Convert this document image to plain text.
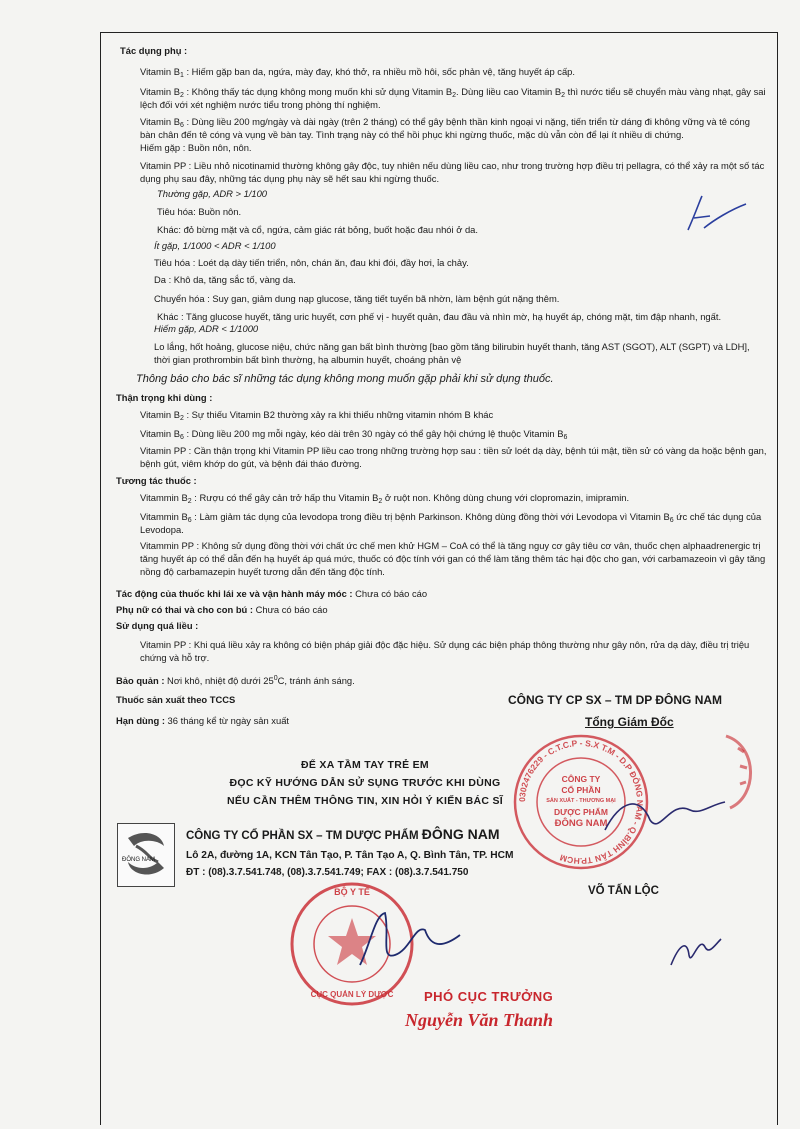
Tác dụng phụ :
Vitamin $B_1$ : Hiếm gặp ban da, ngứa, mày đay, khó thở, ra nhiều mồ hôi, sốc phản vệ, tăng huyết áp cấp.
Vitamin $B_2$ : Không thấy tác dụng không mong muốn khi sử dụng Vitamin $B_2$. Dùng liều cao Vitamin $B_2$ thì nước tiểu sẽ chuyển màu vàng nhạt, gây sai lệch đối với xét nghiệm nước tiểu trong phòng thí nghiệm.
Vitamin $B_6$ : Dùng liều 200 mg/ngày và dài ngày (trên 2 tháng) có thể gây bệnh thần kinh ngoại vi nặng, tiến triển từ dáng đi không vững và tê cóng bàn chân đến tê cóng và vụng về bàn tay. Tình trạng này có thể hồi phục khi ngừng thuốc, mặc dù vẫn còn để lại ít nhiều di chứng.
Hiếm gặp : Buồn nôn, nôn.
Vitamin PP : Liều nhỏ nicotinamid thường không gây độc, tuy nhiên nếu dùng liều cao, như trong trường hợp điều trị pellagra, có thể xảy ra một số tác dụng phụ sau đây, những tác dụng phụ này sẽ hết sau khi ngừng thuốc.
Thường gặp, ADR > 1/100
Tiêu hóa: Buồn nôn.
Khác: đỏ bừng mặt và cổ, ngứa, cảm giác rát bỏng, buốt hoặc đau nhói ở da.
Ít gặp, 1/1000 < ADR < 1/100
Tiêu hóa : Loét dạ dày tiến triển, nôn, chán ăn, đau khi đói, đầy hơi, ỉa chảy.
Da : Khô da, tăng sắc tố, vàng da.
Chuyển hóa : Suy gan, giảm dung nạp glucose, tăng tiết tuyến bã nhờn, làm bệnh gút nặng thêm.
Khác : Tăng glucose huyết, tăng uric huyết, cơn phế vị - huyết quản, đau đầu và nhìn mờ, hạ huyết áp, chóng mặt, tim đập nhanh, ngất.
Hiếm gặp, ADR < 1/1000
Lo lắng, hốt hoảng, glucose niệu, chức năng gan bất bình thường [bao gồm tăng bilirubin huyết thanh, tăng AST (SGOT), ALT (SGPT) và LDH], thời gian prothrombin bất bình thường, hạ albumin huyết, choáng phản vệ
Thông báo cho bác sĩ những tác dụng không mong muốn gặp phải khi sử dụng thuốc.
Thận trọng khi dùng :
Vitamin $B_2$ : Sự thiếu Vitamin B2 thường xảy ra khi thiếu những vitamin nhóm B khác
Vitamin $B_6$ : Dùng liều 200 mg mỗi ngày, kéo dài trên 30 ngày có thể gây hội chứng lệ thuộc Vitamin $B_6$
Vitamin PP : Cần thận trọng khi Vitamin PP liều cao trong những trường hợp sau : tiền sử loét dạ dày, bệnh túi mật, tiền sử có vàng da hoặc bệnh gan, bệnh gút, viêm khớp do gút, và bệnh đái tháo đường.
Tương tác thuốc :
Vitammin $B_2$ : Rượu có thể gây cản trở hấp thu Vitamin $B_2$ ở ruột non. Không dùng chung với clopromazin, imipramin.
Vitammin $B_6$ : Làm giảm tác dụng của levodopa trong điều trị bệnh Parkinson. Không dùng đồng thời với Levodopa vì Vitamin $B_6$ ức chế tác dụng của Levodopa.
Vitammin PP : Không sử dụng đồng thời với chất ức chế men khử HGM – CoA có thể là tăng nguy cơ gây tiêu cơ vân, thuốc chẹn alphaadrenergic trị tăng huyết áp có thể dẫn đến hạ huyết áp quá mức, thuốc có độc tính với gan có thể làm tăng thêm tác hại độc cho gan, với carbamazeoin vì gây tăng nồng độ carbamazepin huyết tương dẫn đến tăng độc tính.
Tác động của thuốc khi lái xe và vận hành máy móc : Chưa có báo cáo
Phụ nữ có thai và cho con bú : Chưa có báo cáo
Sử dụng quá liều :
Vitamin PP : Khi quá liều xảy ra không có biện pháp giải độc đặc hiệu. Sử dụng các biện pháp thông thường như gây nôn, rửa dạ dày, điều trị triệu chứng và hỗ trợ.
Bảo quản : Nơi khô, nhiệt độ dưới $25^0C$, tránh ánh sáng.
Thuốc sản xuất theo TCCS
Hạn dùng : 36 tháng kể từ ngày sản xuất
CÔNG TY CP SX – TM DP ĐÔNG NAM
Tổng Giám Đốc
ĐỂ XA TẦM TAY TRẺ EM
ĐỌC KỸ HƯỚNG DẪN SỬ SỤNG TRƯỚC KHI DÙNG
NẾU CẦN THÊM THÔNG TIN, XIN HỎI Ý KIẾN BÁC SĨ
ĐÔNG NAM
CÔNG TY CỔ PHẦN SX – TM DƯỢC PHẨM ĐÔNG NAM
Lô 2A, đường 1A, KCN Tân Tạo, P. Tân Tạo A, Q. Bình Tân, TP. HCM
ĐT : (08).3.7.541.748, (08).3.7.541.749; FAX : (08).3.7.541.750
0302476229 - C.T.C.P - S.X T.M - D.P ĐÔNG NAM - Q.BÌNH TÂN TP.HCM
CÔNG TY
CỔ PHẦN
SẢN XUẤT - THƯƠNG MẠI
DƯỢC PHẨM
ĐÔNG NAM
VÕ TẤN LỘC
BỘ Y TẾ
CỤC QUẢN LÝ DƯỢC	PHÓ CỤC TRƯỞNG
Nguyễn Văn Thanh
